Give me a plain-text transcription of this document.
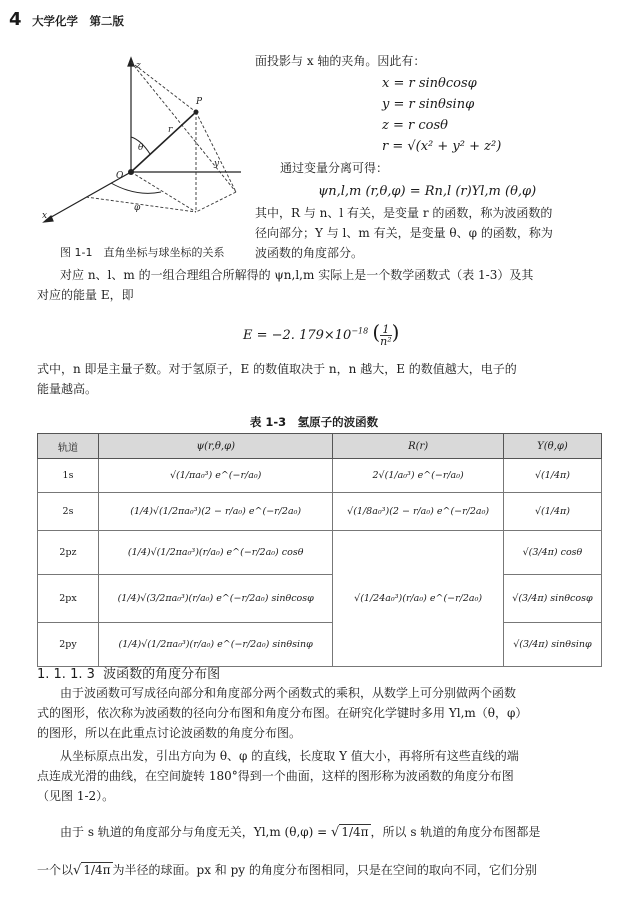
4 大学化学　第二版
z
P
θ
r
O
y
x
φ
图 1-1　直角坐标与球坐标的关系
面投影与 x 轴的夹角。因此有：
x = r sinθcosφ
y = r sinθsinφ
z = r cosθ
r = √(x² + y² + z²)
通过变量分离可得：
ψn,l,m (r,θ,φ) = Rn,l (r)Yl,m (θ,φ)
其中，R 与 n、l 有关，是变量 r 的函数，称为波函数的
径向部分；Y 与 l、m 有关，是变量 θ、φ 的函数，称为
波函数的角度部分。
对应 n、l、m 的一组合理组合所解得的 ψn,l,m 实际上是一个数学函数式（表 1-3）及其
对应的能量 E，即
E = −2. $179\times 10^{-18}$ ( $\frac{1}{\text{n²}}$ )
式中，n 即是主量子数。对于氢原子，E 的数值取决于 n，n 越大，E 的数值越大，电子的
能量越高。
表 1-3　氢原子的波函数
轨道	ψ(r,θ,φ)	R(r)	Y(θ,φ)
1s	√(1/πa₀³) e^(−r/a₀)	2√(1/a₀³) e^(−r/a₀)	√(1/4π)
2s	(1/4)√(1/2πa₀³)(2 − r/a₀) e^(−r/2a₀)	√(1/8a₀³)(2 − r/a₀) e^(−r/2a₀)	√(1/4π)
2pz	(1/4)√(1/2πa₀³)(r/a₀) e^(−r/2a₀) cosθ	√(1/24a₀³)(r/a₀) e^(−r/2a₀)	√(3/4π) cosθ
2px	(1/4)√(3/2πa₀³)(r/a₀) e^(−r/2a₀) sinθcosφ		√(3/4π) sinθcosφ
2py	(1/4)√(1/2πa₀³)(r/a₀) e^(−r/2a₀) sinθsinφ		√(3/4π) sinθsinφ
1. 1. 1. 3 波函数的角度分布图
由于波函数可写成径向部分和角度部分两个函数式的乘积，从数学上可分别做两个函数
式的图形，依次称为波函数的径向分布图和角度分布图。在研究化学键时多用 Yl,m（θ，φ）
的图形，所以在此重点讨论波函数的角度分布图。
从坐标原点出发，引出方向为 θ、φ 的直线，长度取 Y 值大小，再将所有这些直线的端
点连成光滑的曲线，在空间旋转 180°得到一个曲面，这样的图形称为波函数的角度分布图
（见图 1-2）。
由于 s 轨道的角度部分与角度无关，Yl,m (θ,φ) = √ 1/4π ，所以 s 轨道的角度分布图都是
一个以√ 1/4π 为半径的球面。px 和 py 的角度分布图相同，只是在空间的取向不同，它们分别
